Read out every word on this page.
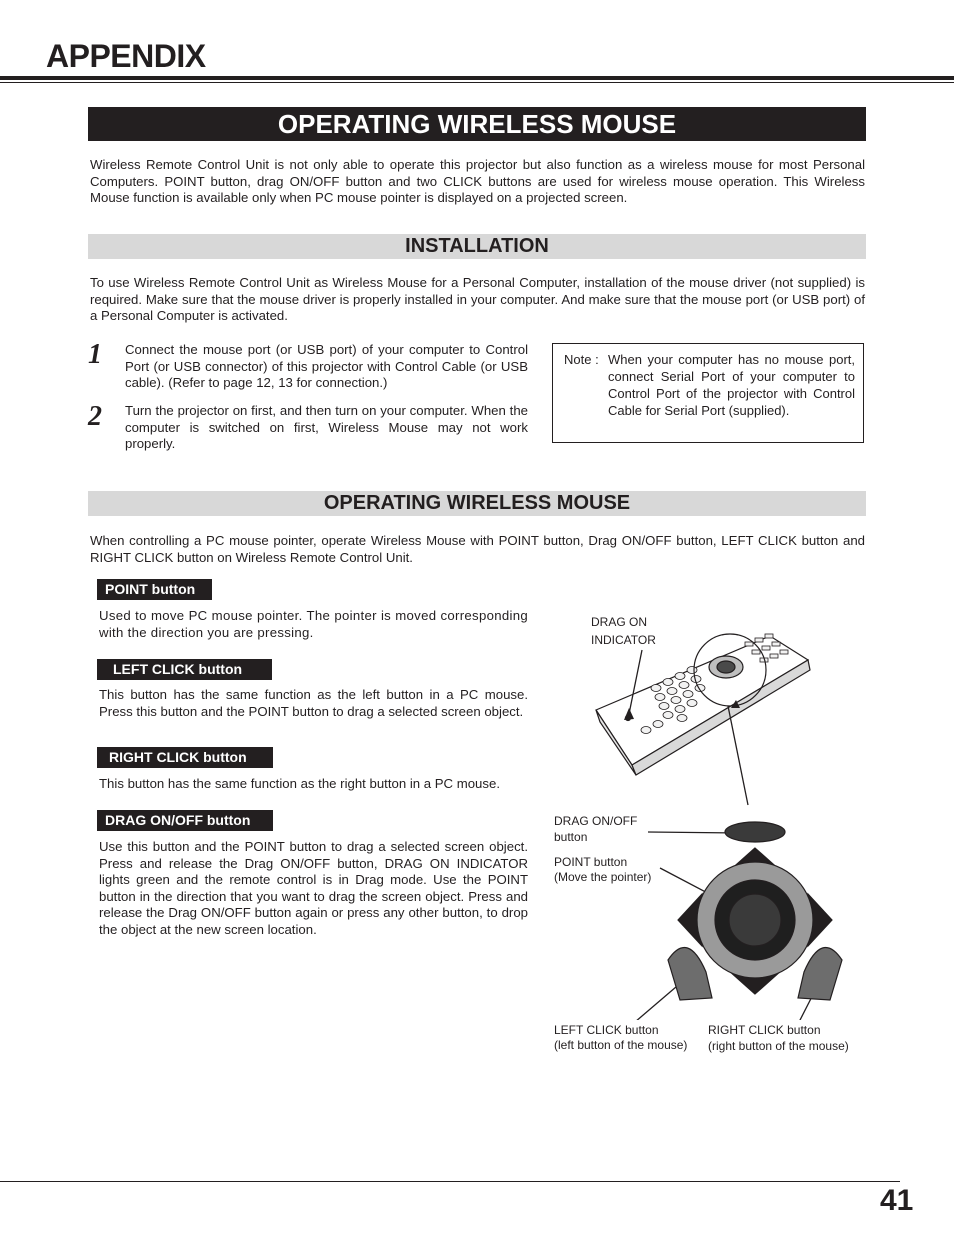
APPENDIX
OPERATING WIRELESS MOUSE
Wireless Remote Control Unit is not only able to operate this projector but also function as a wireless mouse for most Personal Computers. POINT button, drag ON/OFF button and two CLICK buttons are used for wireless mouse operation. This Wireless Mouse function is available only when PC mouse pointer is displayed on a projected screen.
INSTALLATION
To use Wireless Remote Control Unit as Wireless Mouse for a Personal Computer, installation of the mouse driver (not supplied) is required. Make sure that the mouse driver is properly installed in your computer. And make sure that the mouse port (or USB port) of a Personal Computer is activated.
1 Connect the mouse port (or USB port) of your computer to Control Port (or USB connector) of this projector with Control Cable (or USB cable). (Refer to page 12, 13 for connection.)
2 Turn the projector on first, and then turn on your computer. When the computer is switched on first, Wireless Mouse may not work properly.
Note : When your computer has no mouse port, connect Serial Port of your computer to Control Port of the projector with Control Cable for Serial Port (supplied).
OPERATING WIRELESS MOUSE
When controlling a PC mouse pointer, operate Wireless Mouse with POINT button, Drag ON/OFF button, LEFT CLICK button and RIGHT CLICK button on Wireless Remote Control Unit.
POINT button
Used to move PC mouse pointer. The pointer is moved corresponding with the direction you are pressing.
LEFT CLICK button
This button has the same function as the left button in a PC mouse. Press this button and the POINT button to drag a selected screen object.
RIGHT CLICK button
This button has the same function as the right button in a PC mouse.
DRAG ON/OFF button
Use this button and the POINT button to drag a selected screen object. Press and release the Drag ON/OFF button, DRAG ON INDICATOR lights green and the remote control is in Drag mode. Use the POINT button in the direction that you want to drag the screen object. Press and release the Drag ON/OFF button again or press any other button, to drop the object at the new screen location.
DRAG ON
INDICATOR
DRAG ON/OFF
button
POINT button
(Move the pointer)
LEFT CLICK button
(left button of the mouse)
RIGHT CLICK button
(right button of the mouse)
41
